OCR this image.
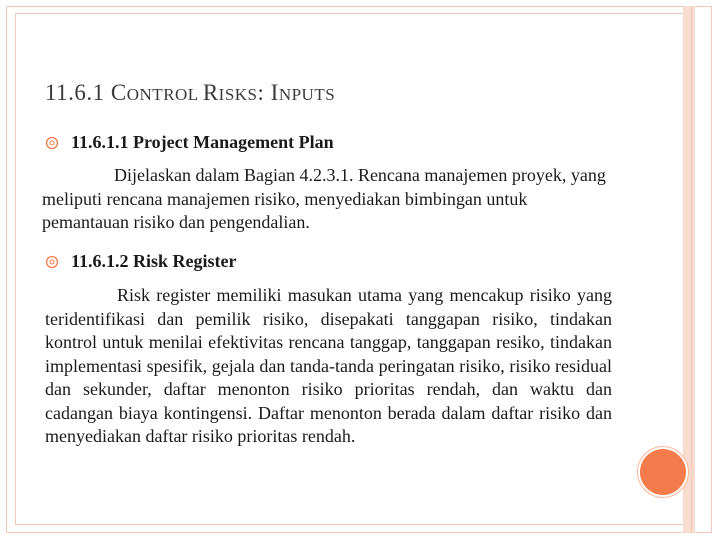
11.6.1 CONTROL RISKS: INPUTS
11.6.1.1 Project Management Plan
Dijelaskan dalam Bagian 4.2.3.1. Rencana manajemen proyek, yang meliputi rencana manajemen risiko, menyediakan bimbingan untuk pemantauan risiko dan pengendalian.
11.6.1.2 Risk Register
Risk register memiliki masukan utama yang mencakup risiko yang teridentifikasi dan pemilik risiko, disepakati tanggapan risiko, tindakan kontrol untuk menilai efektivitas rencana tanggap, tanggapan resiko, tindakan implementasi spesifik, gejala dan tanda-tanda peringatan risiko, risiko residual dan sekunder, daftar menonton risiko prioritas rendah, dan waktu dan cadangan biaya kontingensi. Daftar menonton berada dalam daftar risiko dan menyediakan daftar risiko prioritas rendah.
